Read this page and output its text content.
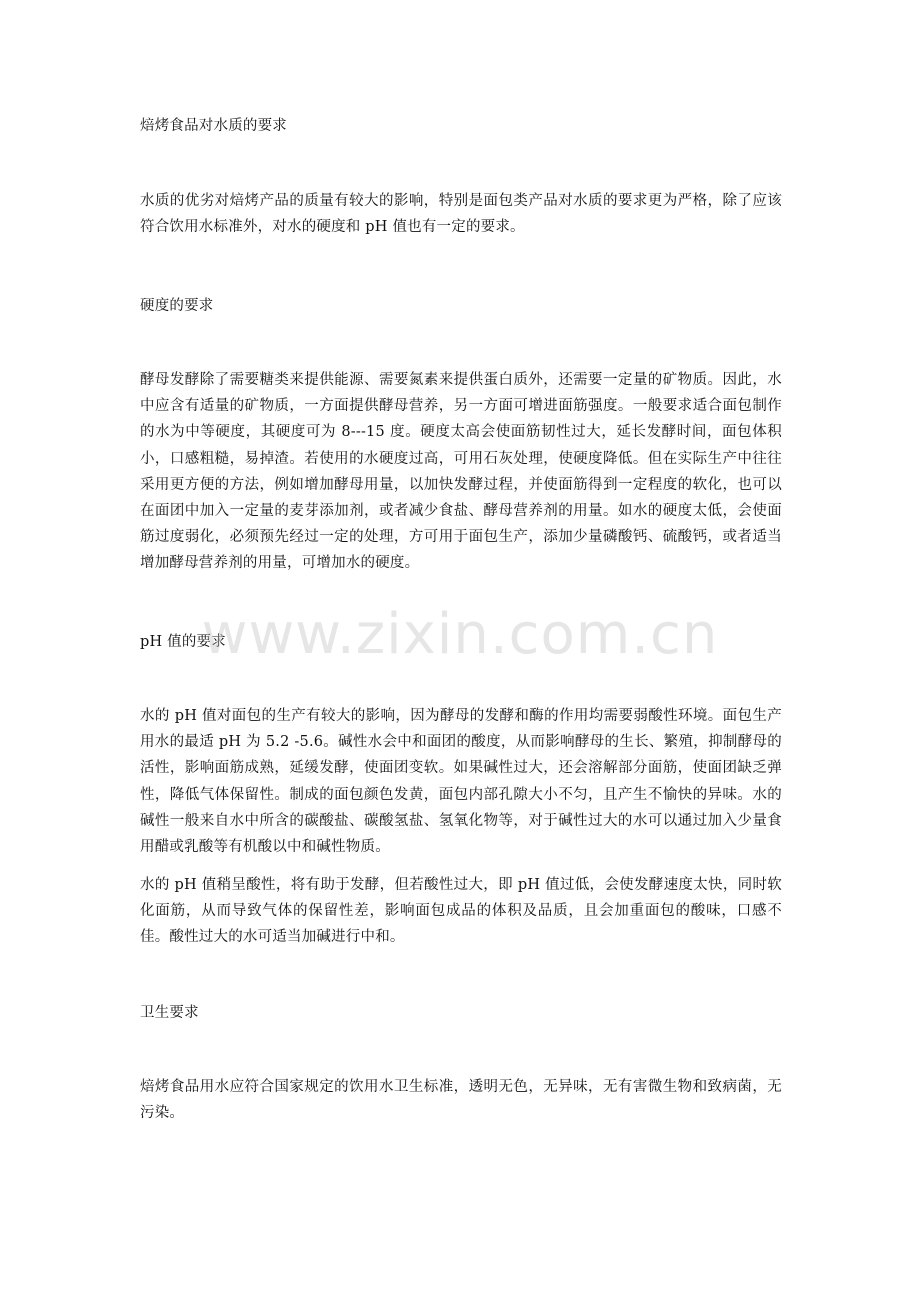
焙烤食品对水质的要求

水质的优劣对焙烤产品的质量有较大的影响，特别是面包类产品对水质的要求更为严格，除了应该符合饮用水标准外，对水的硬度和 pH 值也有一定的要求。

硬度的要求

酵母发酵除了需要糖类来提供能源、需要氮素来提供蛋白质外，还需要一定量的矿物质。因此，水中应含有适量的矿物质，一方面提供酵母营养，另一方面可增进面筋强度。一般要求适合面包制作的水为中等硬度，其硬度可为 8---15 度。硬度太高会使面筋韧性过大，延长发酵时间，面包体积小，口感粗糙，易掉渣。若使用的水硬度过高，可用石灰处理，使硬度降低。但在实际生产中往往采用更方便的方法，例如增加酵母用量，以加快发酵过程，并使面筋得到一定程度的软化，也可以在面团中加入一定量的麦芽添加剂，或者减少食盐、酵母营养剂的用量。如水的硬度太低，会使面筋过度弱化，必须预先经过一定的处理，方可用于面包生产，添加少量磷酸钙、硫酸钙，或者适当增加酵母营养剂的用量，可增加水的硬度。

pH 值的要求

水的 pH 值对面包的生产有较大的影响，因为酵母的发酵和酶的作用均需要弱酸性环境。面包生产用水的最适 pH 为 5.2 -5.6。碱性水会中和面团的酸度，从而影响酵母的生长、繁殖，抑制酵母的活性，影响面筋成熟，延缓发酵，使面团变软。如果碱性过大，还会溶解部分面筋，使面团缺乏弹性，降低气体保留性。制成的面包颜色发黄，面包内部孔隙大小不匀，且产生不愉快的异味。水的碱性一般来自水中所含的碳酸盐、碳酸氢盐、氢氧化物等，对于碱性过大的水可以通过加入少量食用醋或乳酸等有机酸以中和碱性物质。

水的 pH 值稍呈酸性，将有助于发酵，但若酸性过大，即 pH 值过低，会使发酵速度太快，同时软化面筋，从而导致气体的保留性差，影响面包成品的体积及品质，且会加重面包的酸味，口感不佳。酸性过大的水可适当加碱进行中和。

卫生要求

焙烤食品用水应符合国家规定的饮用水卫生标准，透明无色，无异味，无有害微生物和致病菌，无污染。

www.zixin.com.cn
